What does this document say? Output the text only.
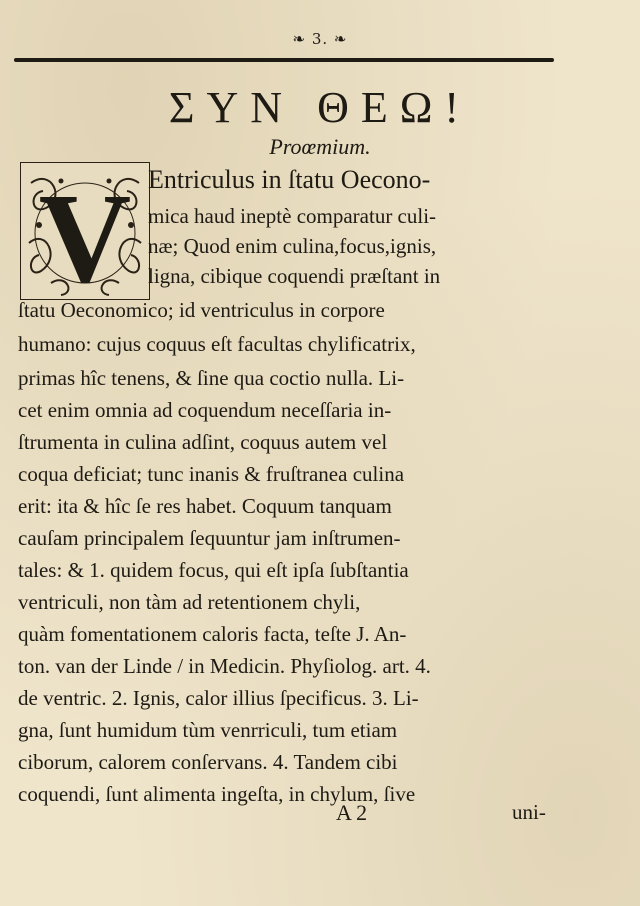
❧ 3. ❧
ΣΥΝ ΘΕΩ!
Proœmium.
V Entriculus in ſtatu Oecono-
mica haud ineptè comparatur culi-
næ; Quod enim culina,focus,ignis,
ligna, cibique coquendi præſtant in
ſtatu Oeconomico; id ventriculus in corpore
humano: cujus coquus eſt facultas chylificatrix,
primas hîc tenens, & ſine qua coctio nulla. Li-
cet enim omnia ad coquendum neceſſaria in-
ſtrumenta in culina adſint, coquus autem vel
coqua deficiat; tunc inanis & fruſtranea culina
erit: ita & hîc ſe res habet. Coquum tanquam
cauſam principalem ſequuntur jam inſtrumen-
tales: & 1. quidem focus, qui eſt ipſa ſubſtantia
ventriculi, non tàm ad retentionem chyli,
quàm fomentationem caloris facta, teſte J. An-
ton. van der Linde / in Medicin. Phyſiolog. art. 4.
de ventric. 2. Ignis, calor illius ſpecificus. 3. Li-
gna, ſunt humidum tùm venrriculi, tum etiam
ciborum, calorem conſervans. 4. Tandem cibi
coquendi, ſunt alimenta ingeſta, in chylum, ſive
A 2	uni-
